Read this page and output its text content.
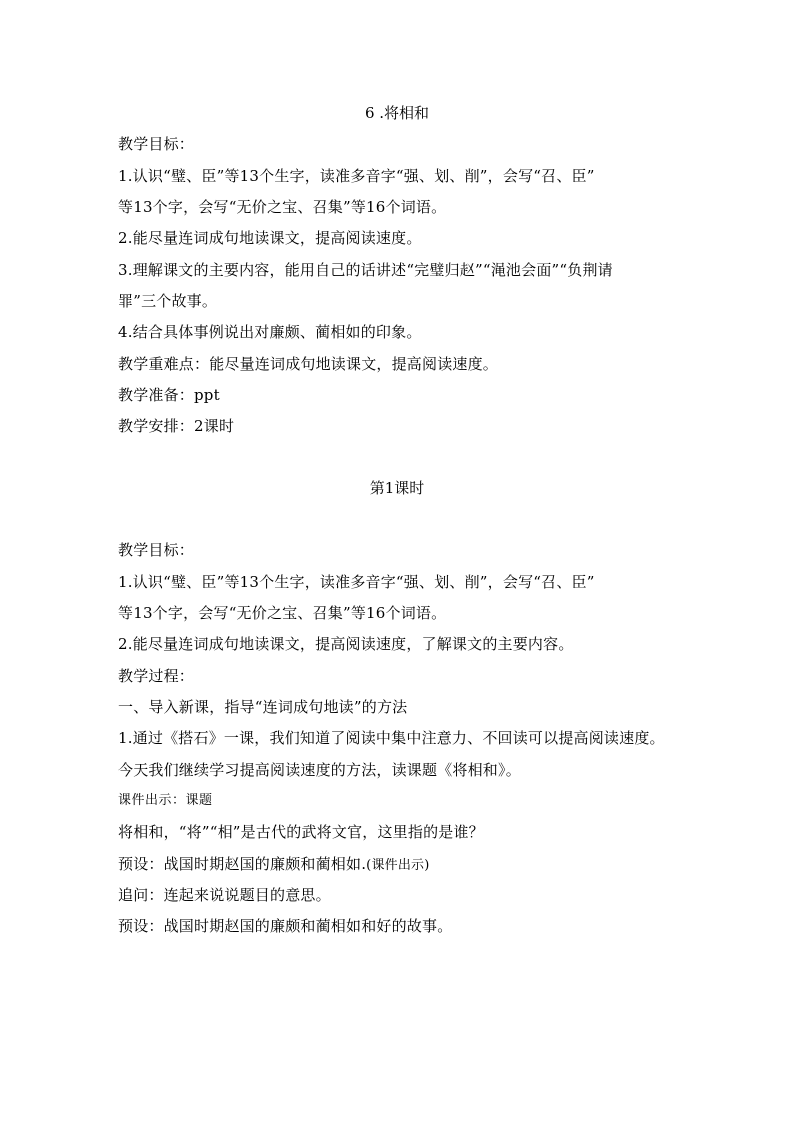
6 .将相和
教学目标：
1.认识“璧、臣”等13个生字，读准多音字“强、划、削”，会写“召、臣”
等13个字，会写“无价之宝、召集”等16个词语。
2.能尽量连词成句地读课文，提高阅读速度。
3.理解课文的主要内容，能用自己的话讲述“完璧归赵”“渑池会面”“负荆请
罪”三个故事。
4.结合具体事例说出对廉颇、蔺相如的印象。
教学重难点：能尽量连词成句地读课文，提高阅读速度。
教学准备：ppt
教学安排：2课时
第1课时
教学目标：
1.认识“璧、臣”等13个生字，读准多音字“强、划、削”，会写“召、臣”
等13个字，会写“无价之宝、召集”等16个词语。
2.能尽量连词成句地读课文，提高阅读速度，了解课文的主要内容。
教学过程：
一、导入新课，指导“连词成句地读”的方法
1.通过《搭石》一课，我们知道了阅读中集中注意力、不回读可以提高阅读速度。
今天我们继续学习提高阅读速度的方法，读课题《将相和》。
课件出示：课题
将相和，“将”“相”是古代的武将文官，这里指的是谁？
预设：战国时期赵国的廉颇和蔺相如.(课件出示)
追问：连起来说说题目的意思。
预设：战国时期赵国的廉颇和蔺相如和好的故事。
